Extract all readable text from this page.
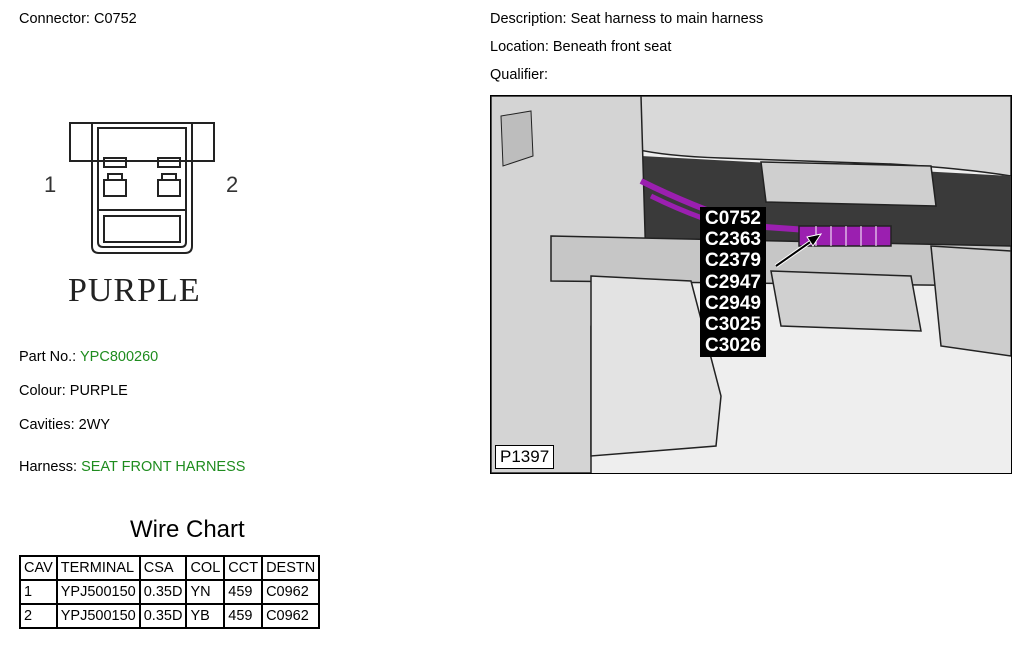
Connector: C0752	Description: Seat harness to main harness
Location: Beneath front seat
Qualifier:
1	2
PURPLE
Part No.: YPC800260
Colour: PURPLE
Cavities: 2WY
Harness: SEAT FRONT HARNESS
Wire Chart
CAV	TERMINAL	CSA	COL	CCT	DESTN
1	YPJ500150	0.35D	YN	459	C0962
2	YPJ500150	0.35D	YB	459	C0962
C0752
C2363
C2379
C2947
C2949
C3025
C3026
P1397
